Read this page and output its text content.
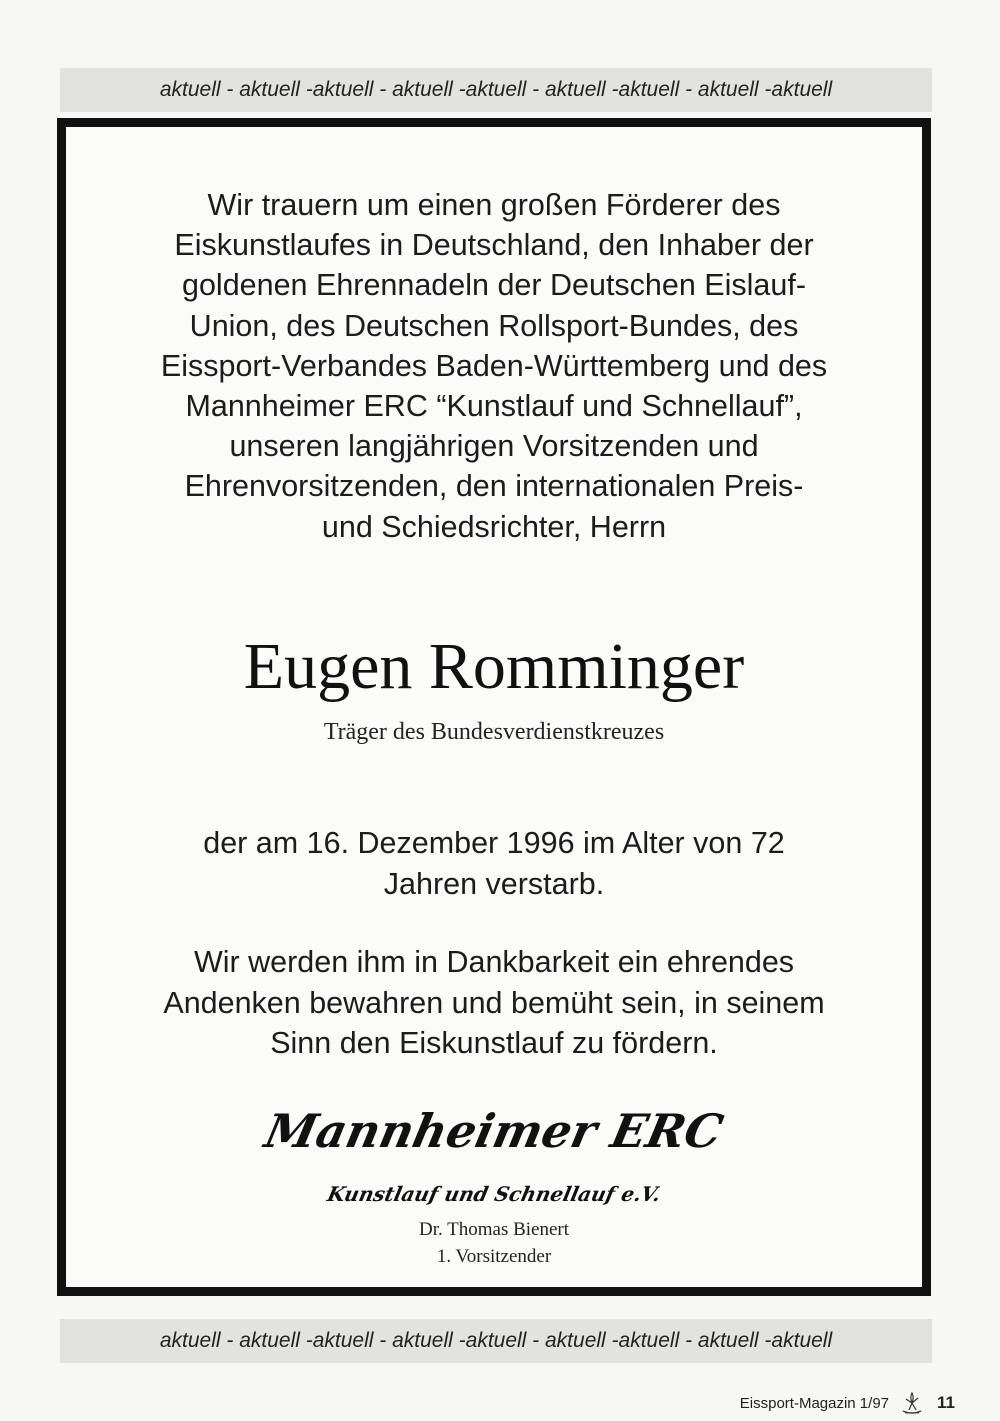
aktuell - aktuell -aktuell - aktuell -aktuell - aktuell -aktuell - aktuell -aktuell
Wir trauern um einen großen Förderer des
Eiskunstlaufes in Deutschland, den Inhaber der
goldenen Ehrennadeln der Deutschen Eislauf-
Union, des Deutschen Rollsport-Bundes, des
Eissport-Verbandes Baden-Württemberg und des
Mannheimer ERC “Kunstlauf und Schnellauf”,
unseren langjährigen Vorsitzenden und
Ehrenvorsitzenden, den internationalen Preis-
und Schiedsrichter, Herrn
Eugen Romminger
Träger des Bundesverdienstkreuzes
der am 16. Dezember 1996 im Alter von 72
Jahren verstarb.
Wir werden ihm in Dankbarkeit ein ehrendes
Andenken bewahren und bemüht sein, in seinem
Sinn den Eiskunstlauf zu fördern.
Mannheimer ERC
Kunstlauf und Schnellauf e.V.
Dr. Thomas Bienert
1. Vorsitzender
aktuell - aktuell -aktuell - aktuell -aktuell - aktuell -aktuell - aktuell -aktuell
Eissport-Magazin 1/97	11
